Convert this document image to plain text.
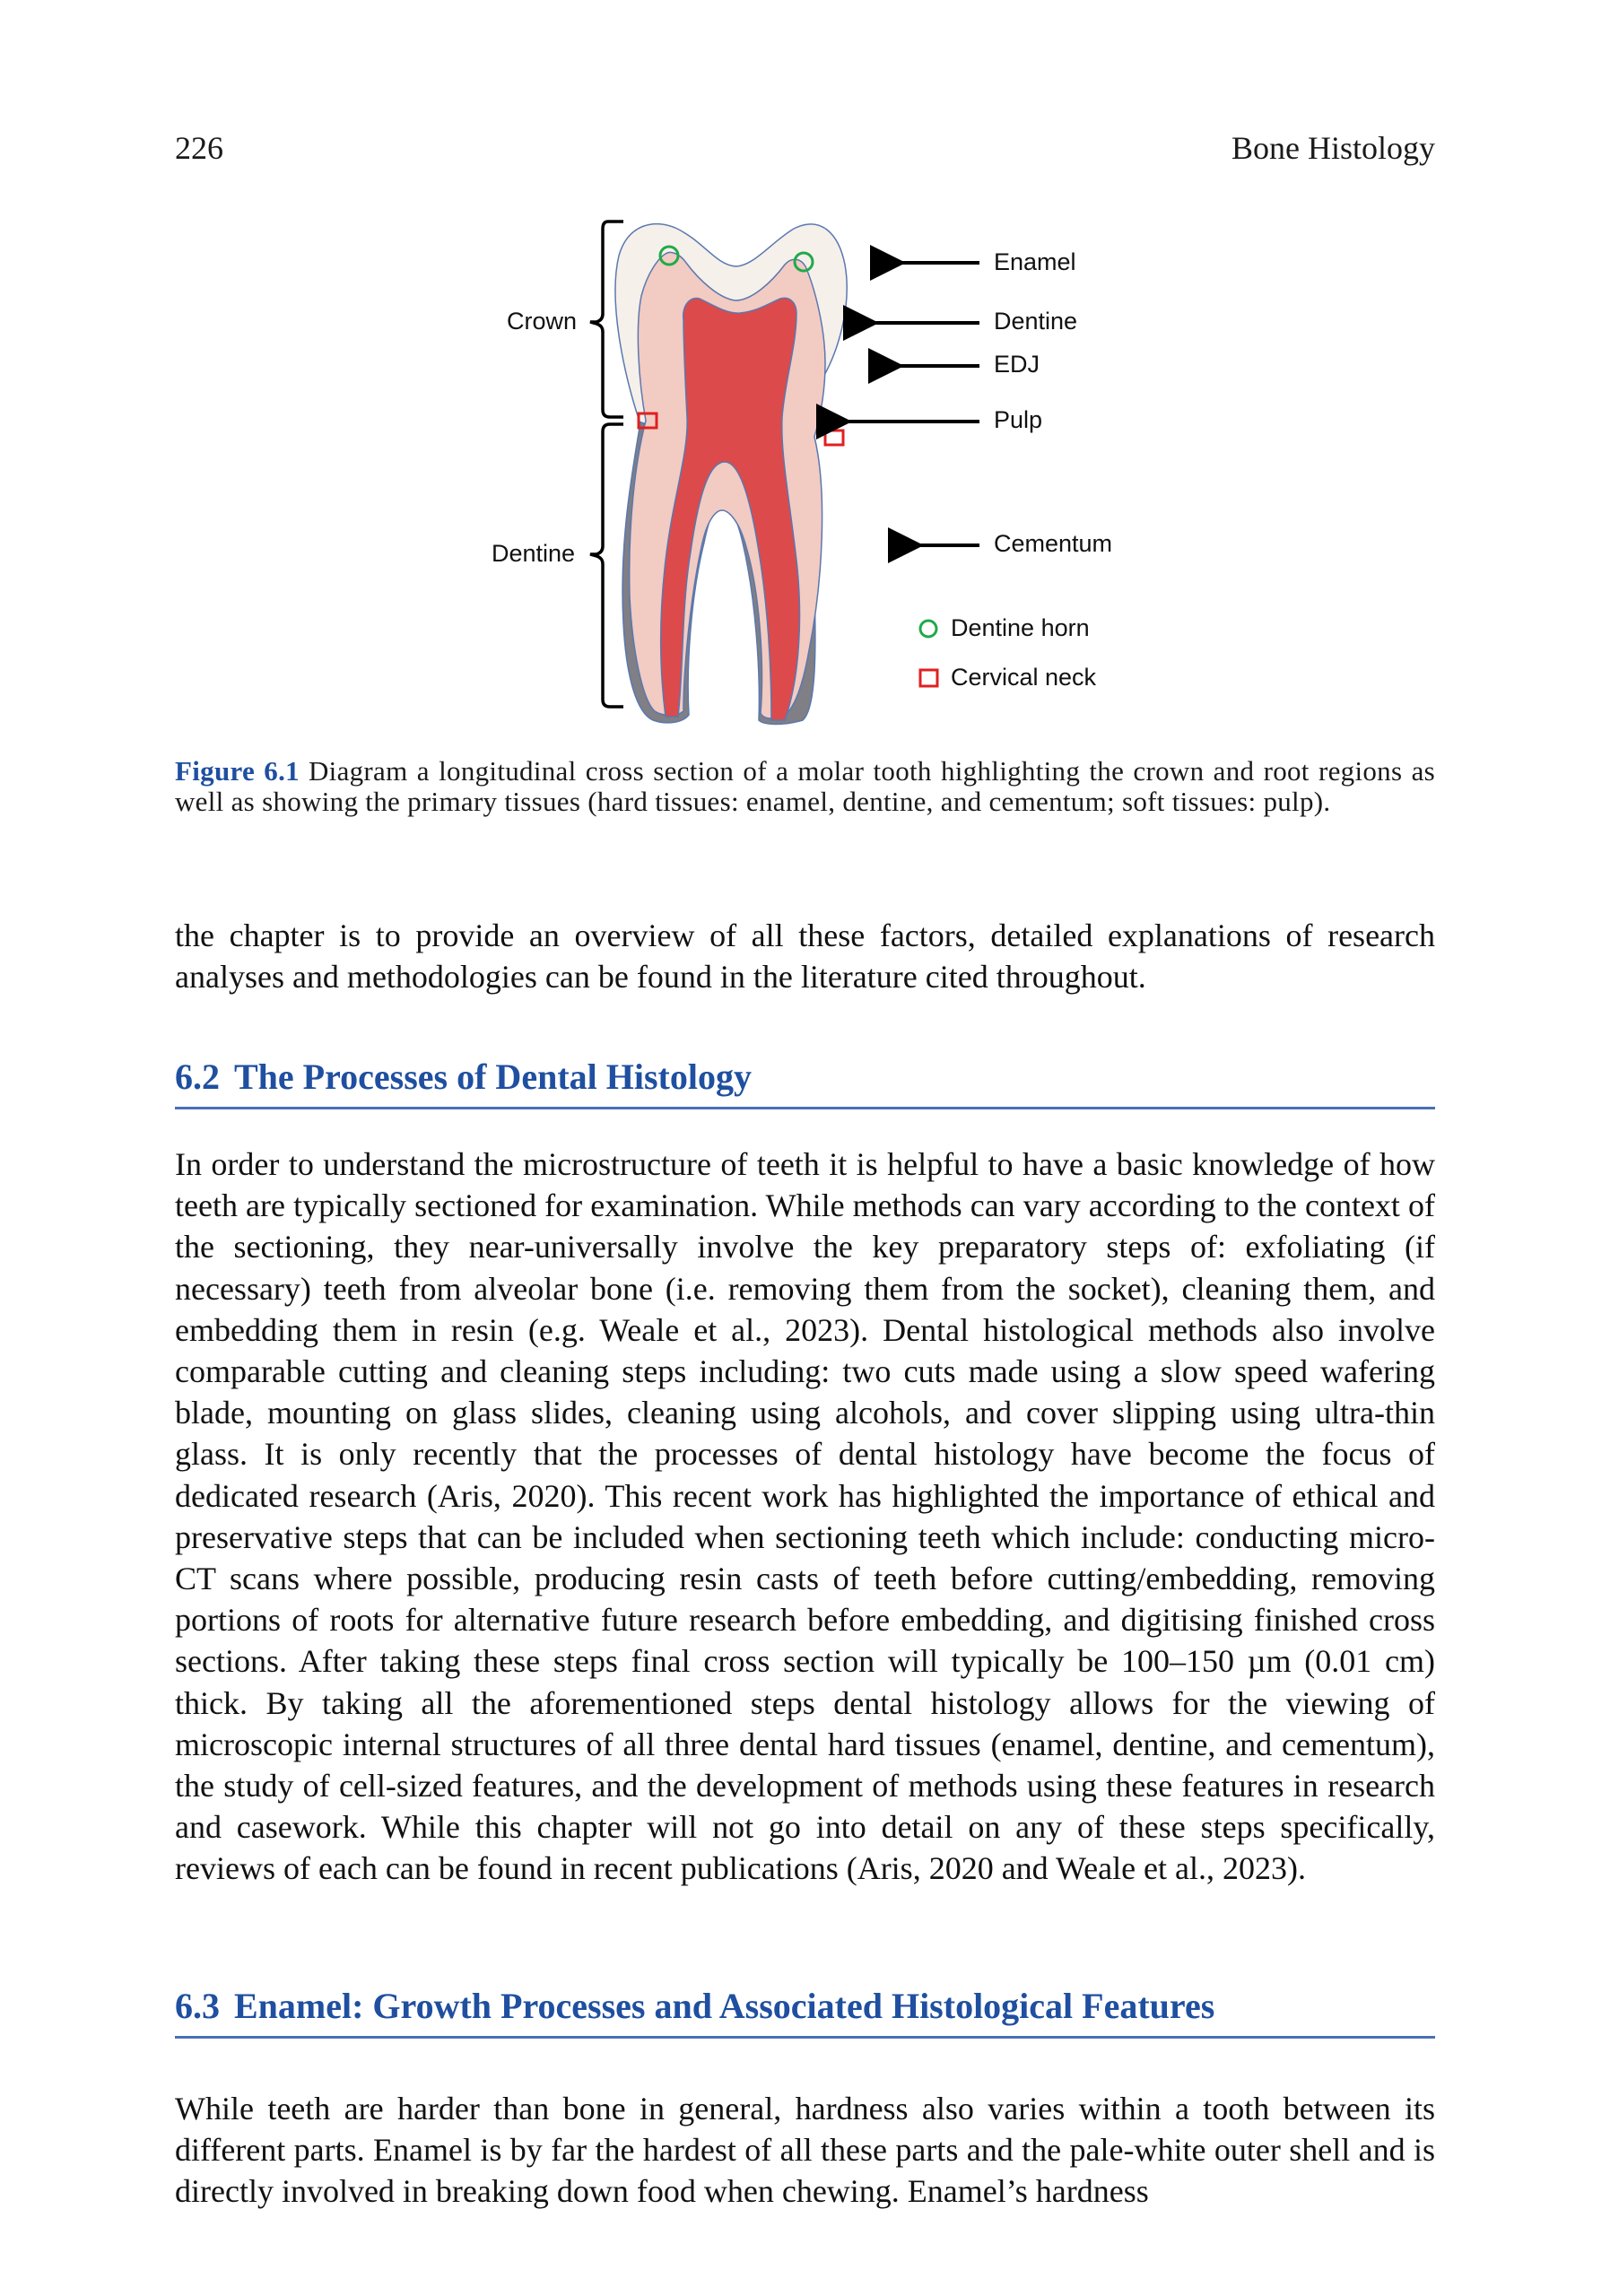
226	Bone Histology
Crown
Dentine
Enamel
Dentine
EDJ
Pulp
Cementum
Dentine horn
Cervical neck
Figure 6.1 Diagram a longitudinal cross section of a molar tooth highlighting the crown and root regions as well as showing the primary tissues (hard tissues: enamel, dentine, and cementum; soft tissues: pulp).

the chapter is to provide an overview of all these factors, detailed explanations of research analyses and methodologies can be found in the literature cited throughout.

6.2 The Processes of Dental Histology

In order to understand the microstructure of teeth it is helpful to have a basic knowledge of how teeth are typically sectioned for examination. While methods can vary according to the context of the sectioning, they near-universally involve the key preparatory steps of: exfoliating (if necessary) teeth from alveolar bone (i.e. removing them from the socket), cleaning them, and embedding them in resin (e.g. Weale et al., 2023). Dental histological methods also involve comparable cutting and cleaning steps including: two cuts made using a slow speed wafering blade, mounting on glass slides, cleaning using alcohols, and cover slipping using ultra-thin glass. It is only recently that the processes of dental histology have become the focus of dedicated research (Aris, 2020). This recent work has highlighted the importance of ethical and preservative steps that can be included when sectioning teeth which include: conducting micro-CT scans where possible, producing resin casts of teeth before cutting/embedding, removing portions of roots for alternative future research before embedding, and digitising finished cross sections. After taking these steps final cross section will typically be 100–150 µm (0.01 cm) thick. By taking all the aforementioned steps dental histology allows for the viewing of microscopic internal structures of all three dental hard tissues (enamel, dentine, and cementum), the study of cell-sized features, and the development of methods using these features in research and casework. While this chapter will not go into detail on any of these steps specifically, reviews of each can be found in recent publications (Aris, 2020 and Weale et al., 2023).

6.3 Enamel: Growth Processes and Associated Histological Features

While teeth are harder than bone in general, hardness also varies within a tooth between its different parts. Enamel is by far the hardest of all these parts and the pale-white outer shell and is directly involved in breaking down food when chewing. Enamel’s hardness
